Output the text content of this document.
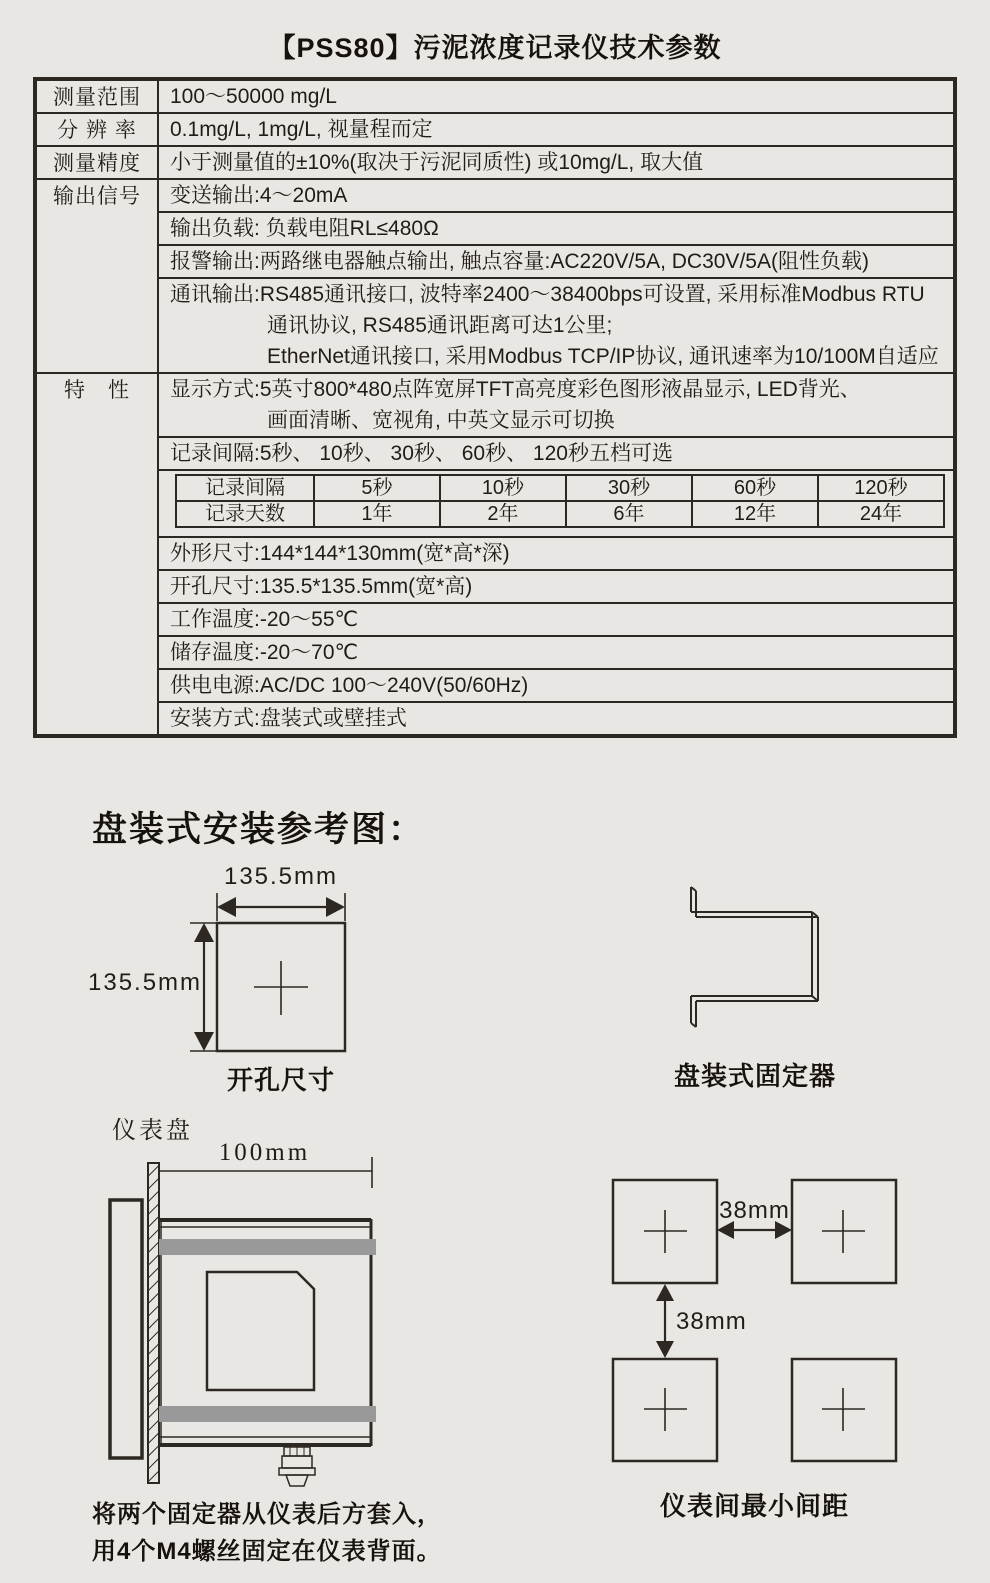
【PSS80】污泥浓度记录仪技术参数
测量范围	100～50000 mg/L
分 辨 率	0.1mg/L, 1mg/L, 视量程而定
测量精度	小于测量值的±10%(取决于污泥同质性) 或10mg/L, 取大值
输出信号	变送输出:4～20mA
输出负载: 负载电阻RL≤480Ω
报警输出:两路继电器触点输出, 触点容量:AC220V/5A, DC30V/5A(阻性负载)
通讯输出:RS485通讯接口, 波特率2400～38400bps可设置, 采用标准Modbus RTU
通讯协议, RS485通讯距离可达1公里;
EtherNet通讯接口, 采用Modbus TCP/IP协议, 通讯速率为10/100M自适应
特　性	显示方式:5英寸800*480点阵宽屏TFT高亮度彩色图形液晶显示, LED背光、
画面清晰、宽视角, 中英文显示可切换
记录间隔:5秒、 10秒、 30秒、 60秒、 120秒五档可选
记录间隔	5秒	10秒	30秒	60秒	120秒
记录天数	1年	2年	6年	12年	24年
外形尺寸:144*144*130mm(宽*高*深)
开孔尺寸:135.5*135.5mm(宽*高)
工作温度:-20～55℃
储存温度:-20～70℃
供电电源:AC/DC 100～240V(50/60Hz)
安装方式:盘装式或壁挂式
盘装式安装参考图：
135.5mm
135.5mm
开孔尺寸	盘装式固定器
仪表盘
100mm
将两个固定器从仪表后方套入，
用4个M4螺丝固定在仪表背面。
38mm
38mm
仪表间最小间距
